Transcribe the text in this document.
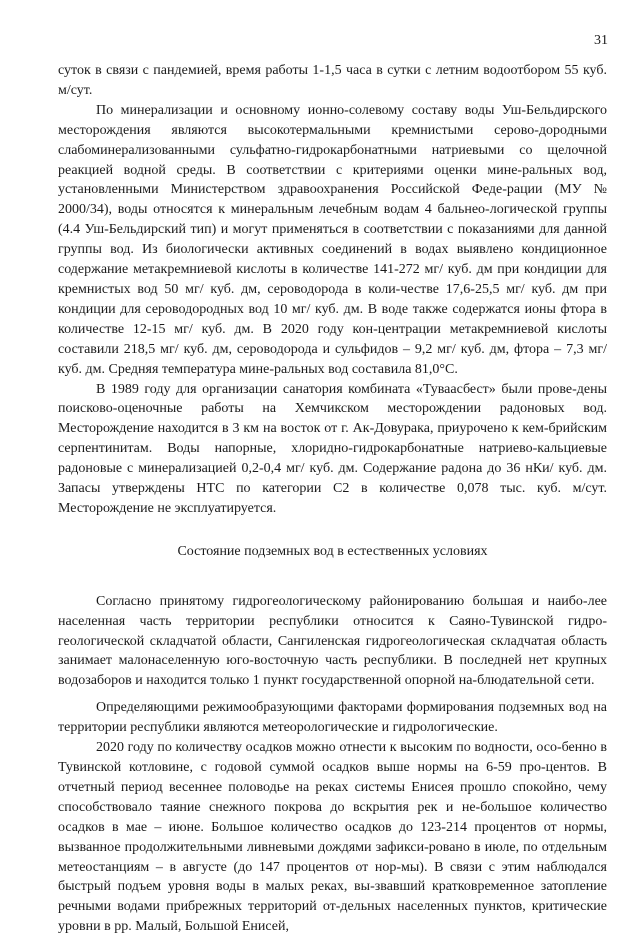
31

суток в связи с пандемией, время работы 1-1,5 часа в сутки с летним водоотбором 55 куб. м/сут.

По минерализации и основному ионно-солевому составу воды Уш-Бельдирского месторождения являются высокотермальными кремнистыми серово-дородными слабоминерализованными сульфатно-гидрокарбонатными натриевыми со щелочной реакцией водной среды. В соответствии с критериями оценки мине-ральных вод, установленными Министерством здравоохранения Российской Феде-рации (МУ № 2000/34), воды относятся к минеральным лечебным водам 4 бальнео-логической группы (4.4 Уш-Бельдирский тип) и могут применяться в соответствии с показаниями для данной группы вод. Из биологически активных соединений в водах выявлено кондиционное содержание метакремниевой кислоты в количестве 141-272 мг/ куб. дм при кондиции для кремнистых вод 50 мг/ куб. дм, сероводорода в коли-честве 17,6-25,5 мг/ куб. дм при кондиции для сероводородных вод 10 мг/ куб. дм. В воде также содержатся ионы фтора в количестве 12-15 мг/ куб. дм. В 2020 году кон-центрации метакремниевой кислоты составили 218,5 мг/ куб. дм, сероводорода и сульфидов – 9,2 мг/ куб. дм, фтора – 7,3 мг/ куб. дм. Средняя температура мине-ральных вод составила 81,0°С.

В 1989 году для организации санатория комбината «Туваасбест» были прове-дены поисково-оценочные работы на Хемчикском месторождении радоновых вод. Месторождение находится в 3 км на восток от г. Ак-Довурака, приурочено к кем-брийским серпентинитам. Воды напорные, хлоридно-гидрокарбонатные натриево-кальциевые радоновые с минерализацией 0,2-0,4 мг/ куб. дм. Содержание радона до 36 нКи/ куб. дм. Запасы утверждены НТС по категории С2 в количестве 0,078 тыс. куб. м/сут. Месторождение не эксплуатируется.

Состояние подземных вод в естественных условиях

Согласно принятому гидрогеологическому районированию большая и наибо-лее населенная часть территории республики относится к Саяно-Тувинской гидро-геологической складчатой области, Сангиленская гидрогеологическая складчатая область занимает малонаселенную юго-восточную часть республики. В последней нет крупных водозаборов и находится только 1 пункт государственной опорной на-блюдательной сети.

Определяющими режимообразующими факторами формирования подземных вод на территории республики являются метеорологические и гидрологические.

2020 году по количеству осадков можно отнести к высоким по водности, осо-бенно в Тувинской котловине, с годовой суммой осадков выше нормы на 6-59 про-центов. В отчетный период весеннее половодье на реках системы Енисея прошло спокойно, чему способствовало таяние снежного покрова до вскрытия рек и не-большое количество осадков в мае – июне. Большое количество осадков до 123-214 процентов от нормы, вызванное продолжительными ливневыми дождями зафикси-ровано в июле, по отдельным метеостанциям – в августе (до 147 процентов от нор-мы). В связи с этим наблюдался быстрый подъем уровня воды в малых реках, вы-звавший кратковременное затопление речными водами прибрежных территорий от-дельных населенных пунктов, критические уровни в рр. Малый, Большой Енисей,
